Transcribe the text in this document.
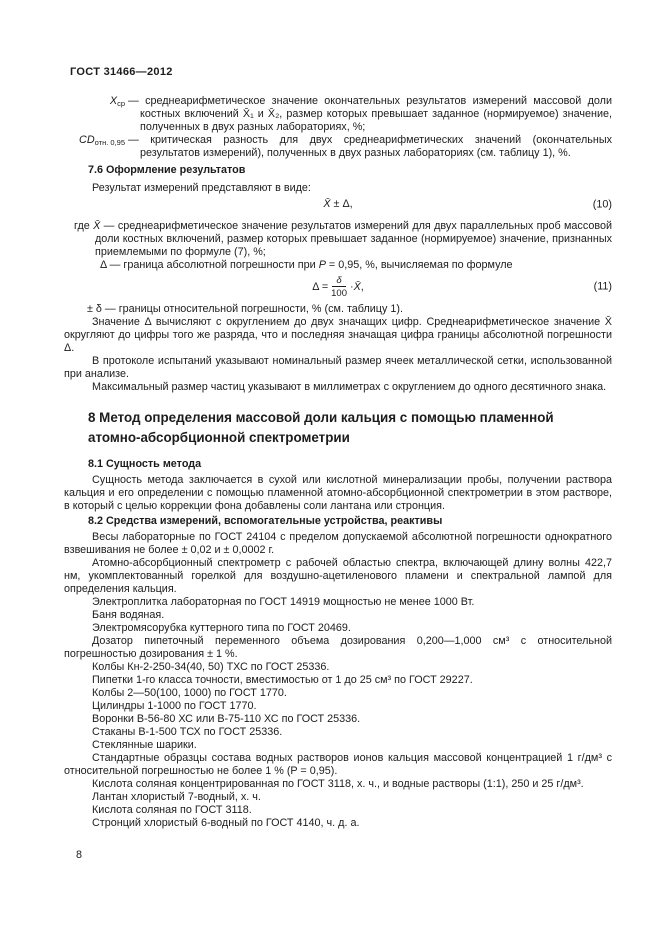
ГОСТ 31466—2012

$X_{ср}$ — среднеарифметическое значение окончательных результатов измерений массовой доли костных включений X̄₁ и X̄₂, размер которых превышает заданное (нормируемое) значение, полученных в двух разных лабораториях, %;

$CD_{отн. 0,95}$ — критическая разность для двух среднеарифметических значений (окончательных результатов измерений), полученных в двух разных лабораториях (см. таблицу 1), %.

7.6 Оформление результатов

Результат измерений представляют в виде:

X̄ ± Δ,	(10)

где X̄ — среднеарифметическое значение результатов измерений для двух параллельных проб массовой доли костных включений, размер которых превышает заданное (нормируемое) значение, признанных приемлемыми по формуле (7), %;

Δ — граница абсолютной погрешности при P = 0,95, %, вычисляемая по формуле

$\Delta = \frac{\delta}{100}$ · X̄ ,	(11)

± δ — границы относительной погрешности, % (см. таблицу 1).

Значение Δ вычисляют с округлением до двух значащих цифр. Среднеарифметическое значение X̄ округляют до цифры того же разряда, что и последняя значащая цифра границы абсолютной погрешности Δ.

В протоколе испытаний указывают номинальный размер ячеек металлической сетки, использованной при анализе.

Максимальный размер частиц указывают в миллиметрах с округлением до одного десятичного знака.

8 Метод определения массовой доли кальция с помощью пламенной атомно-абсорбционной спектрометрии

8.1 Сущность метода

Сущность метода заключается в сухой или кислотной минерализации пробы, получении раствора кальция и его определении с помощью пламенной атомно-абсорбционной спектрометрии в этом растворе, в который с целью коррекции фона добавлены соли лантана или стронция.

8.2 Средства измерений, вспомогательные устройства, реактивы

Весы лабораторные по ГОСТ 24104 с пределом допускаемой абсолютной погрешности однократного взвешивания не более ± 0,02 и ± 0,0002 г.

Атомно-абсорбционный спектрометр с рабочей областью спектра, включающей длину волны 422,7 нм, укомплектованный горелкой для воздушно-ацетиленового пламени и спектральной лампой для определения кальция.

Электроплитка лабораторная по ГОСТ 14919 мощностью не менее 1000 Вт.

Баня водяная.

Электромясорубка куттерного типа по ГОСТ 20469.

Дозатор пипеточный переменного объема дозирования 0,200—1,000 см³ с относительной погрешностью дозирования ± 1 %.

Колбы Кн-2-250-34(40, 50) ТХС по ГОСТ 25336.

Пипетки 1-го класса точности, вместимостью от 1 до 25 см³ по ГОСТ 29227.

Колбы 2—50(100, 1000) по ГОСТ 1770.

Цилиндры 1-1000 по ГОСТ 1770.

Воронки В-56-80 ХС или В-75-110 ХС по ГОСТ 25336.

Стаканы В-1-500 ТСХ по ГОСТ 25336.

Стеклянные шарики.

Стандартные образцы состава водных растворов ионов кальция массовой концентрацией 1 г/дм³ с относительной погрешностью не более 1 % (P = 0,95).

Кислота соляная концентрированная по ГОСТ 3118, х. ч., и водные растворы (1:1), 250 и 25 г/дм³.

Лантан хлористый 7-водный, х. ч.

Кислота соляная по ГОСТ 3118.

Стронций хлористый 6-водный по ГОСТ 4140, ч. д. а.

8
